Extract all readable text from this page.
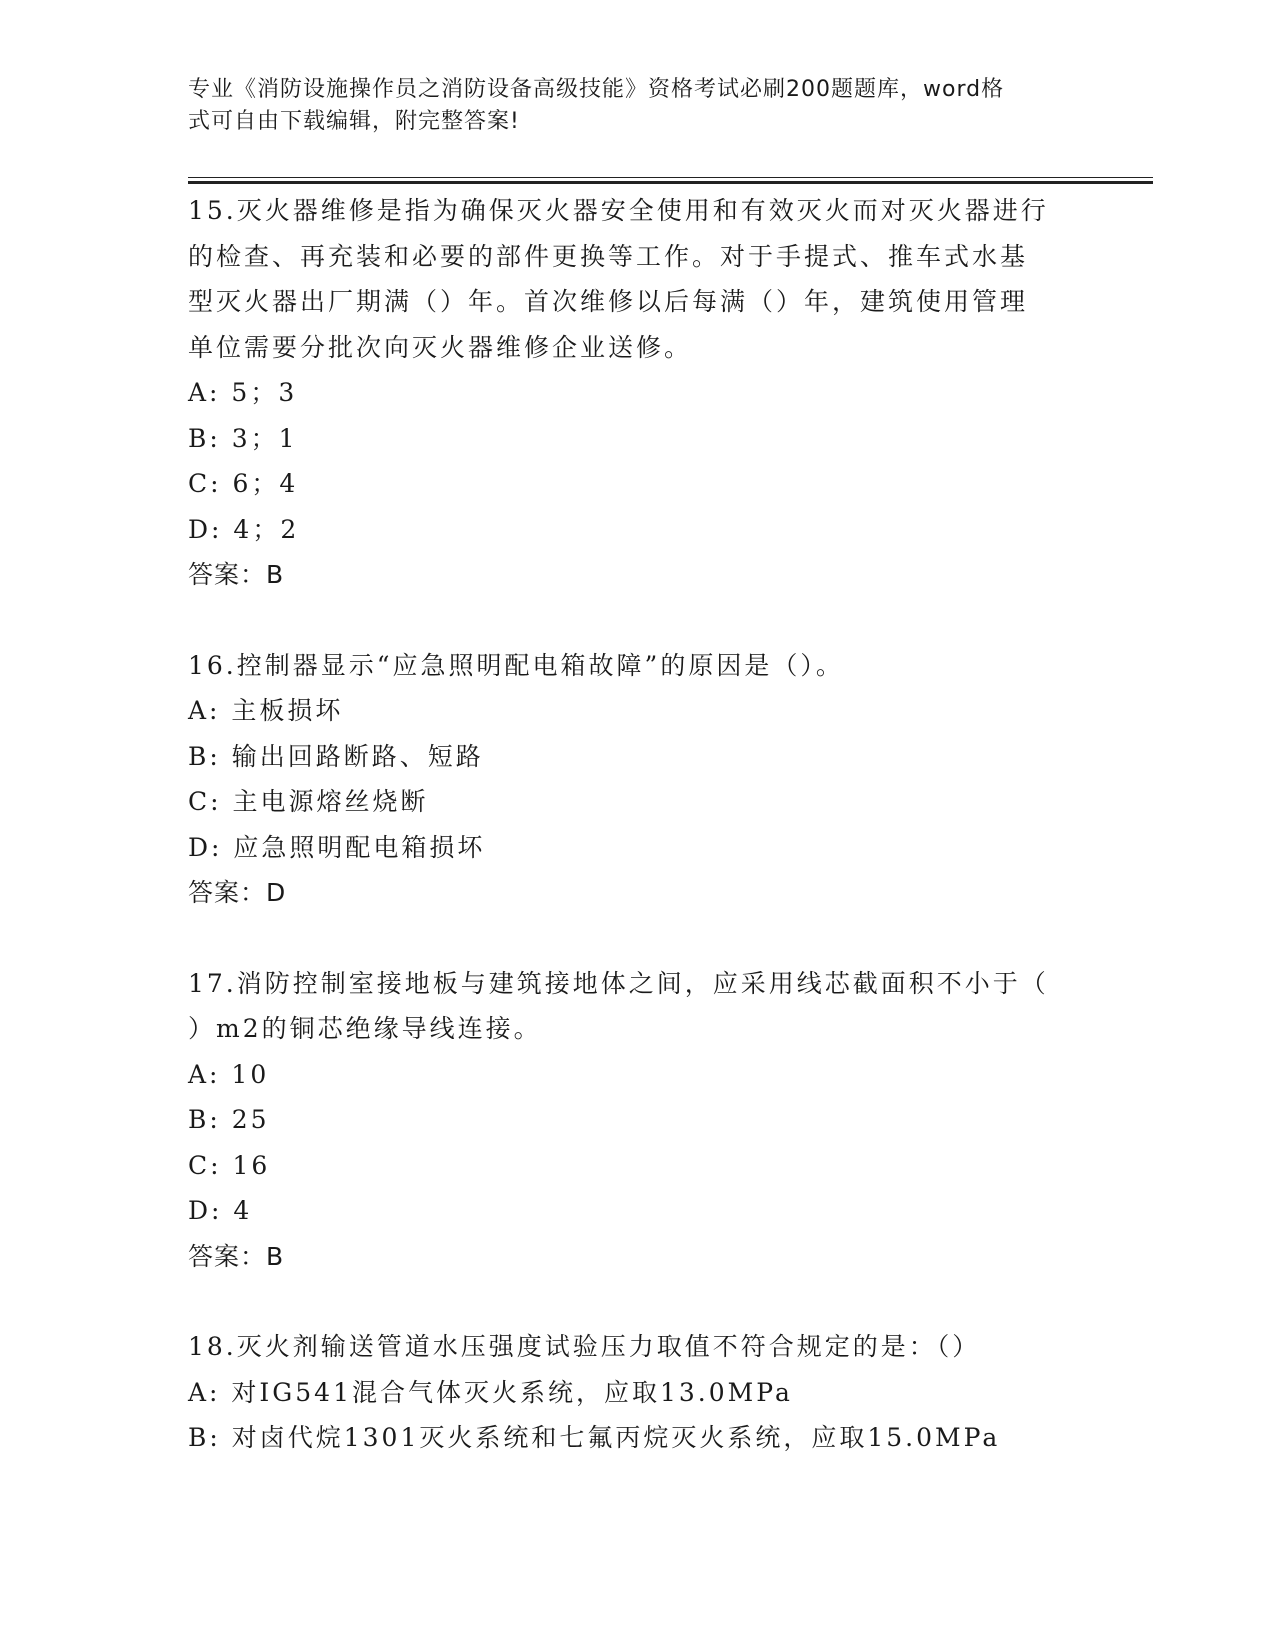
专业《消防设施操作员之消防设备高级技能》资格考试必刷200题题库，word格
式可自由下载编辑，附完整答案!
15.灭火器维修是指为确保灭火器安全使用和有效灭火而对灭火器进行
的检查、再充装和必要的部件更换等工作。对于手提式、推车式水基
型灭火器出厂期满（）年。首次维修以后每满（）年，建筑使用管理
单位需要分批次向灭火器维修企业送修。
A: 5；3
B: 3；1
C: 6；4
D: 4；2
答案：B
16.控制器显示“应急照明配电箱故障”的原因是（）。
A: 主板损坏
B: 输出回路断路、短路
C: 主电源熔丝烧断
D: 应急照明配电箱损坏
答案：D
17.消防控制室接地板与建筑接地体之间，应采用线芯截面积不小于（
）m2的铜芯绝缘导线连接。
A: 10
B: 25
C: 16
D: 4
答案：B
18.灭火剂输送管道水压强度试验压力取值不符合规定的是：（）
A: 对IG541混合气体灭火系统，应取13.0MPa
B: 对卤代烷1301灭火系统和七氟丙烷灭火系统，应取15.0MPa
